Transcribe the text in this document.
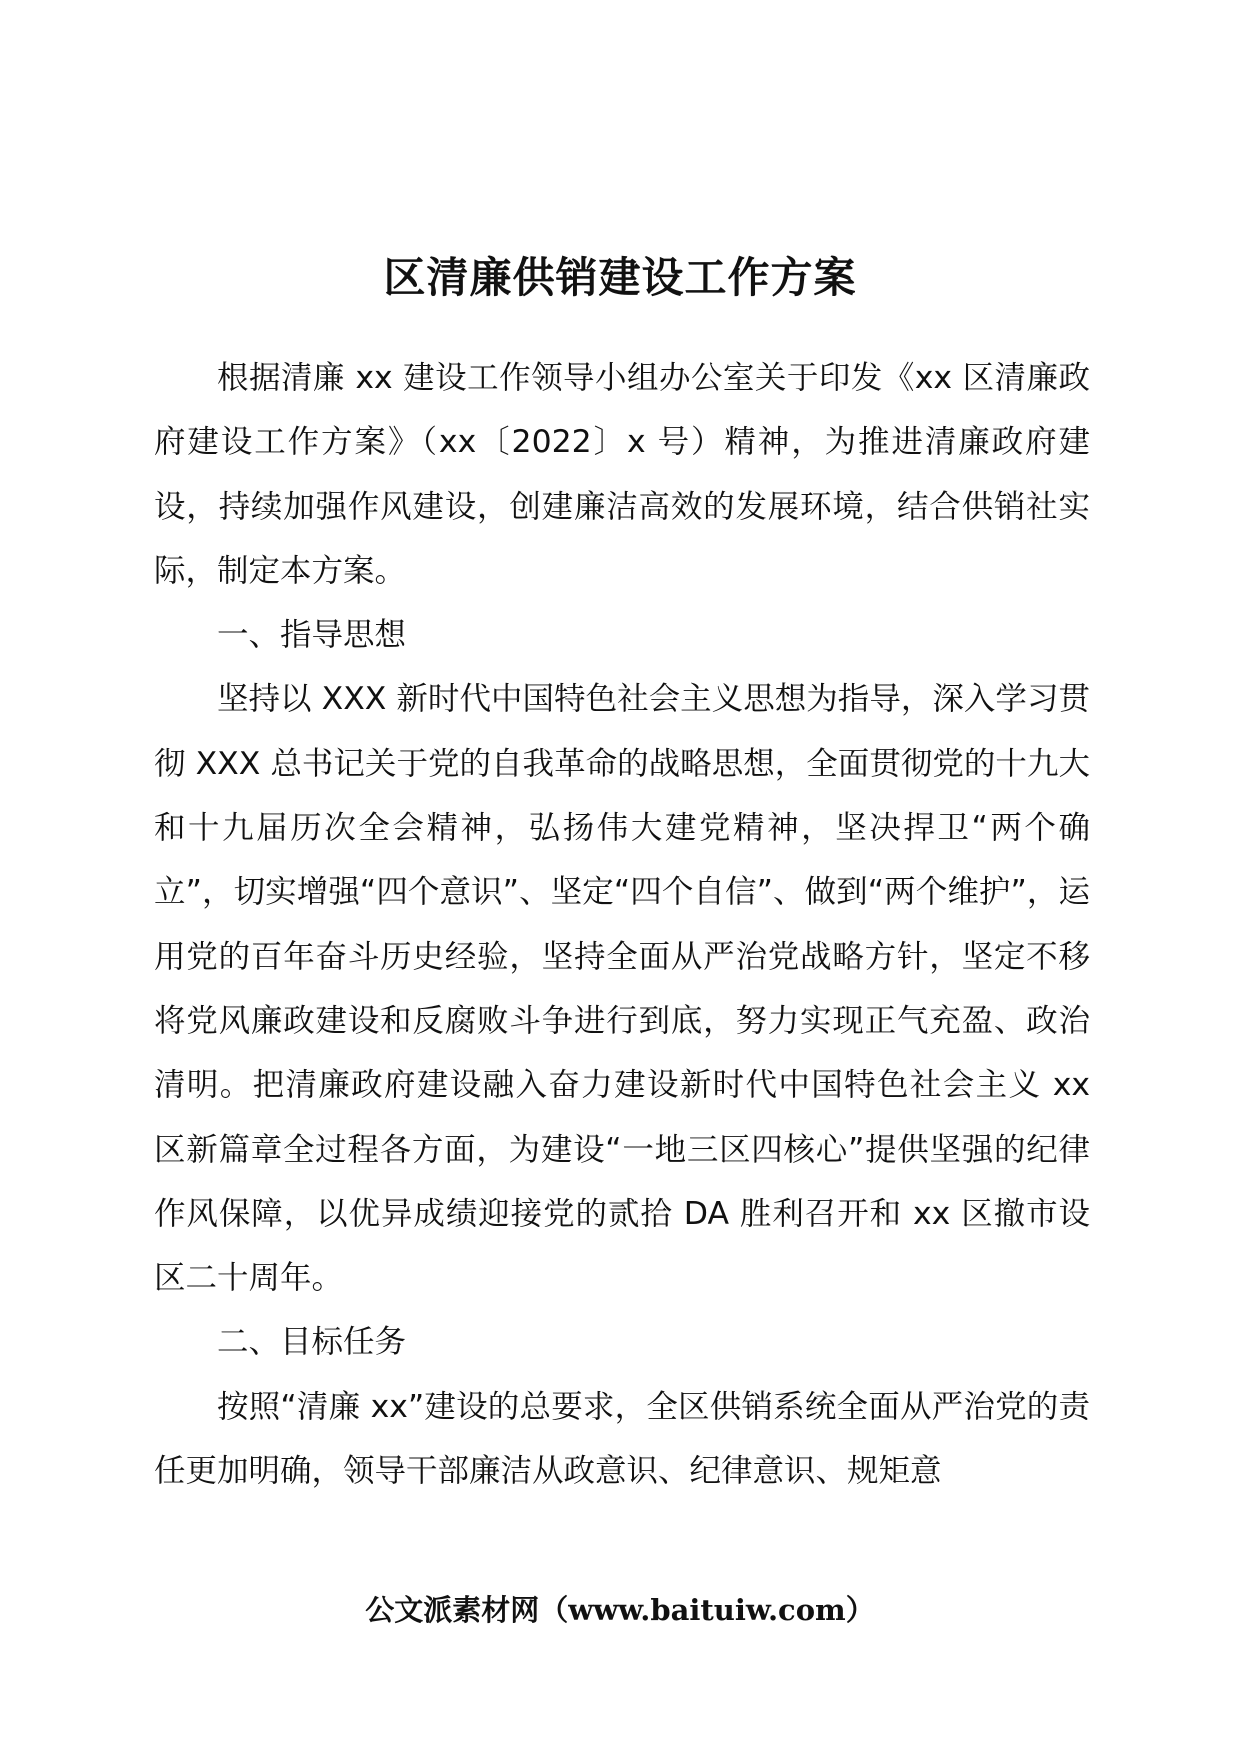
区清廉供销建设工作方案

根据清廉 xx 建设工作领导小组办公室关于印发《xx 区清廉政府建设工作方案》（xx〔2022〕x 号）精神，为推进清廉政府建设，持续加强作风建设，创建廉洁高效的发展环境，结合供销社实际，制定本方案。

一、指导思想

坚持以 XXX 新时代中国特色社会主义思想为指导，深入学习贯彻 XXX 总书记关于党的自我革命的战略思想，全面贯彻党的十九大和十九届历次全会精神，弘扬伟大建党精神，坚决捍卫“两个确立”，切实增强“四个意识”、坚定“四个自信”、做到“两个维护”，运用党的百年奋斗历史经验，坚持全面从严治党战略方针，坚定不移将党风廉政建设和反腐败斗争进行到底，努力实现正气充盈、政治清明。把清廉政府建设融入奋力建设新时代中国特色社会主义 xx 区新篇章全过程各方面，为建设“一地三区四核心”提供坚强的纪律作风保障，以优异成绩迎接党的贰拾 DA 胜利召开和 xx 区撤市设区二十周年。

二、目标任务

按照“清廉 xx”建设的总要求，全区供销系统全面从严治党的责任更加明确，领导干部廉洁从政意识、纪律意识、规矩意

公文派素材网（www.baituiw.com）
